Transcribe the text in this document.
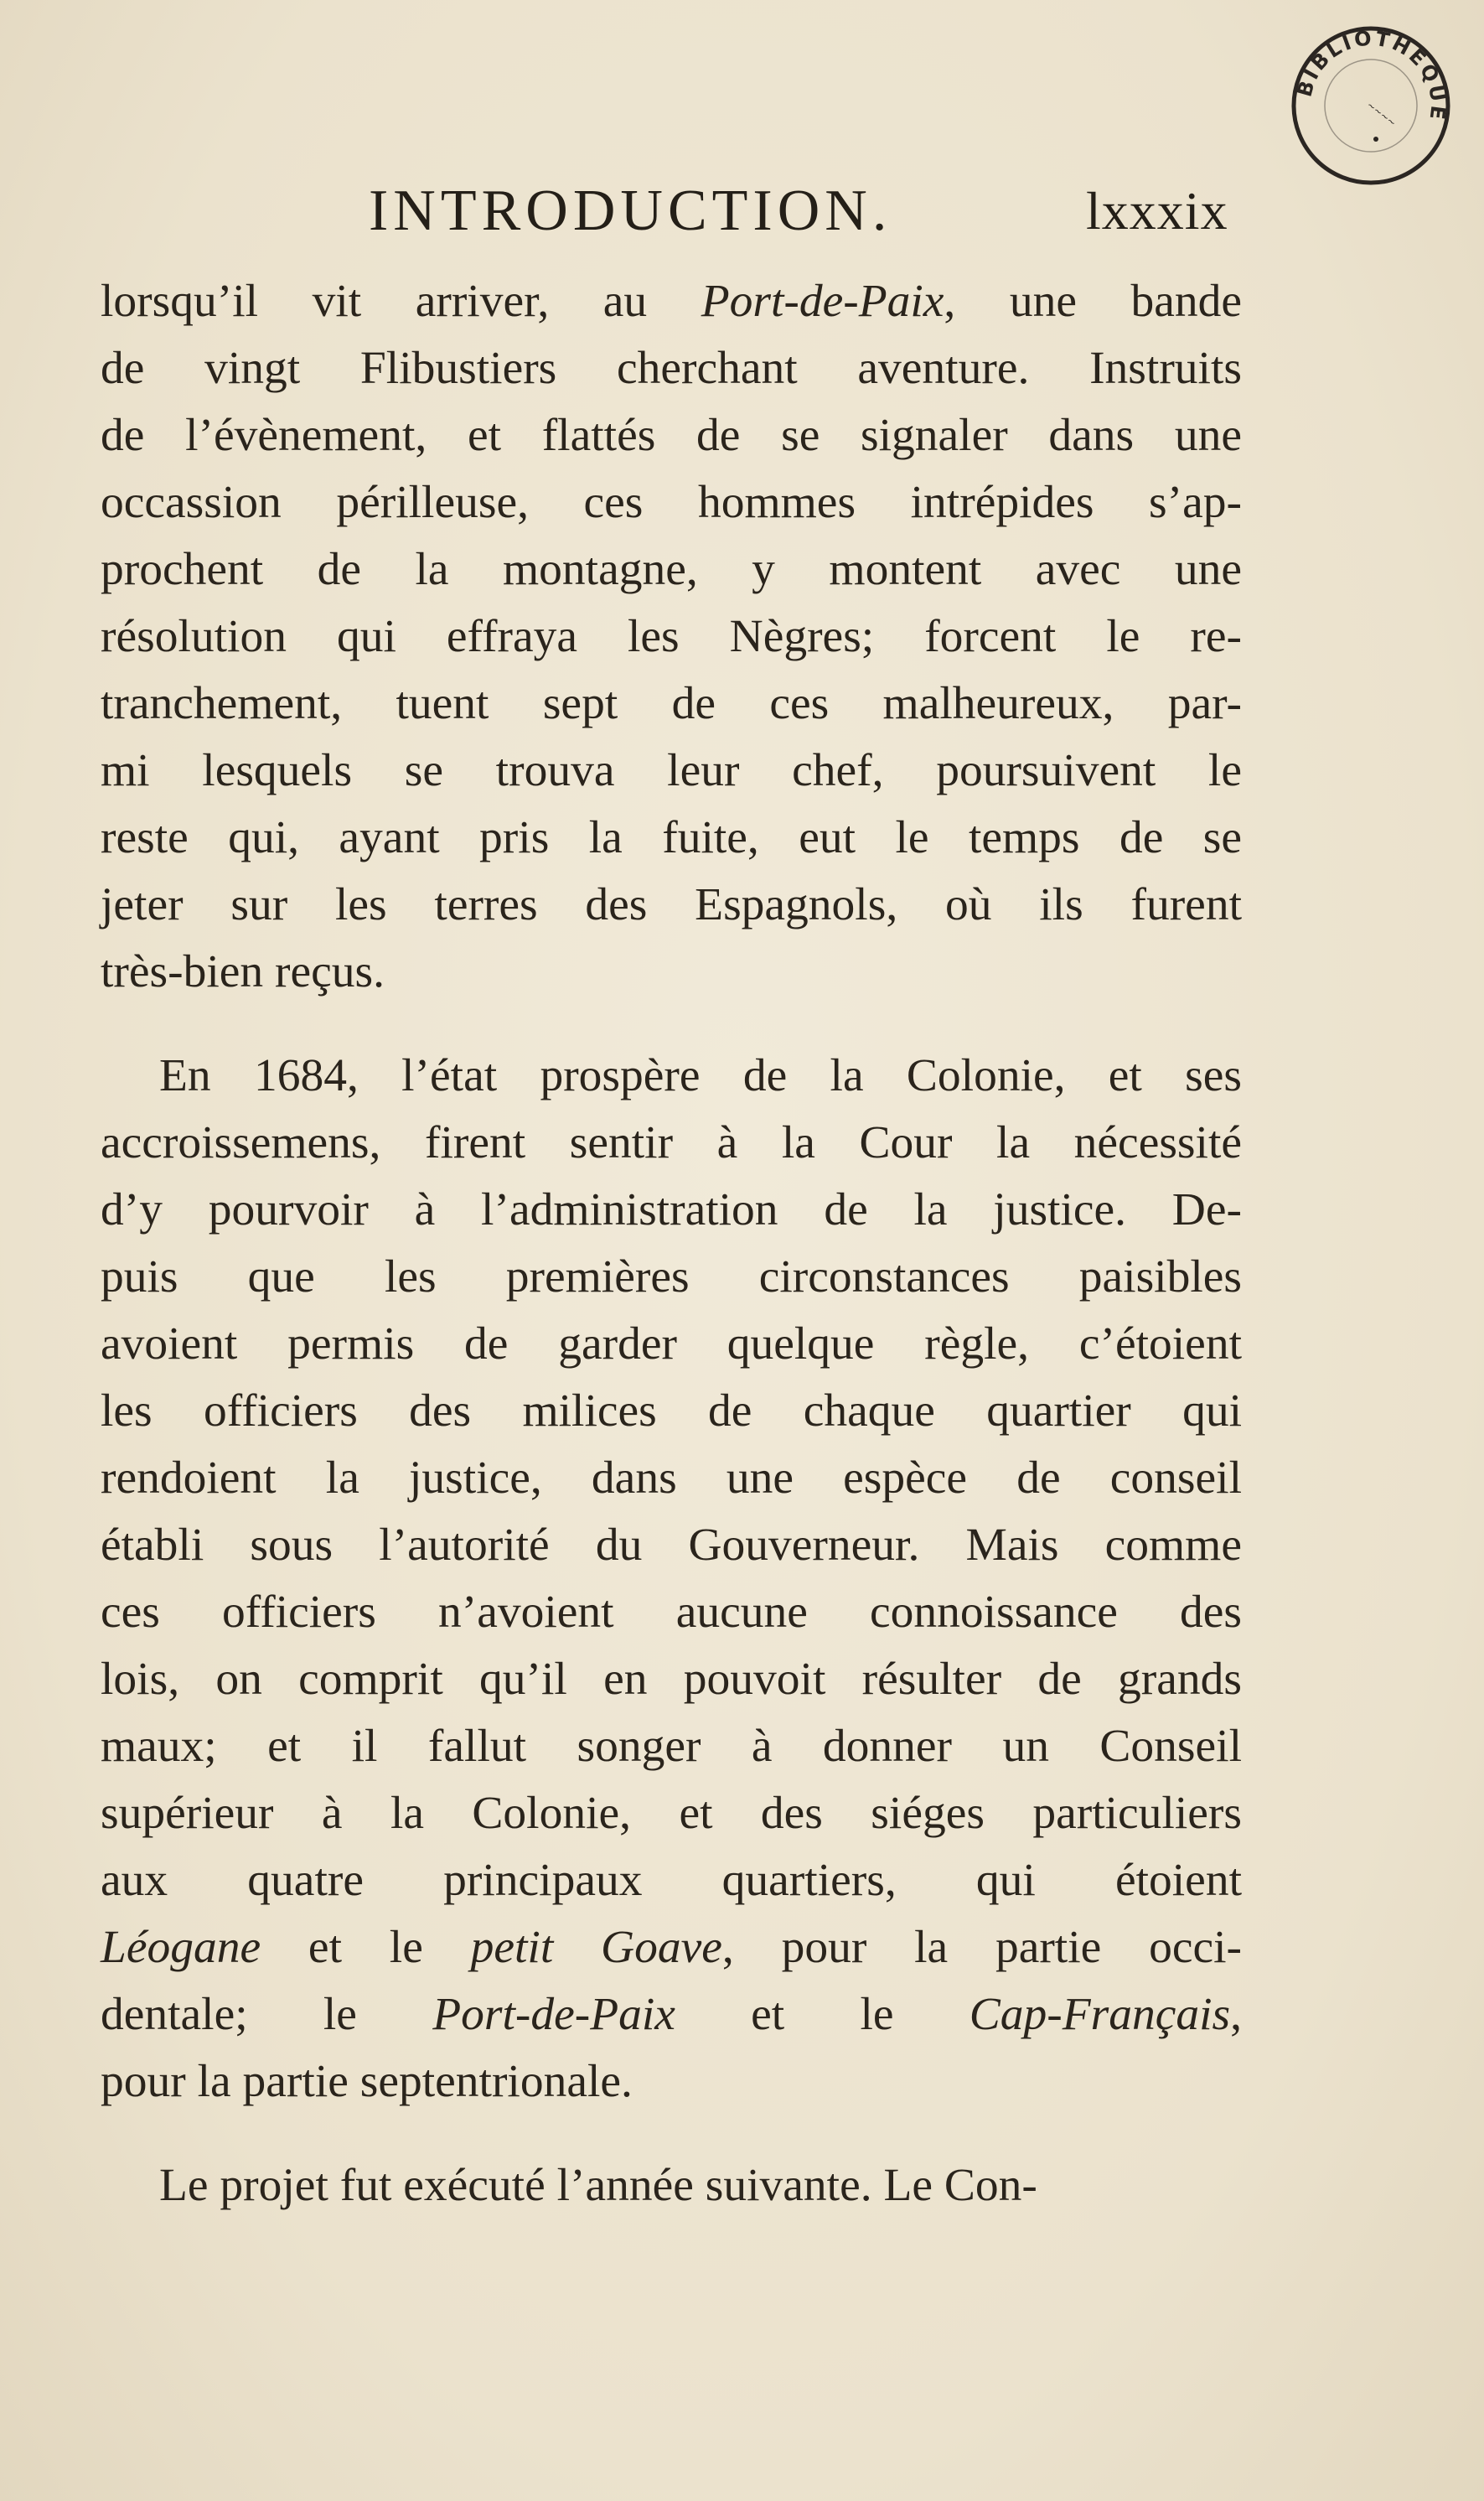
BIBLIOTHEQUE
~~~~
INTRODUCTION.	lxxxix
lorsqu’il vit arriver, au Port-de-Paix, une bande
de vingt Flibustiers cherchant aventure. Instruits
de l’évènement, et flattés de se signaler dans une
occassion périlleuse, ces hommes intrépides s’ap-
prochent de la montagne, y montent avec une
résolution qui effraya les Nègres; forcent le re-
tranchement, tuent sept de ces malheureux, par-
mi lesquels se trouva leur chef, poursuivent le
reste qui, ayant pris la fuite, eut le temps de se
jeter sur les terres des Espagnols, où ils furent
très-bien reçus.
En 1684, l’état prospère de la Colonie, et ses
accroissemens, firent sentir à la Cour la nécessité
d’y pourvoir à l’administration de la justice. De-
puis que les premières circonstances paisibles
avoient permis de garder quelque règle, c’étoient
les officiers des milices de chaque quartier qui
rendoient la justice, dans une espèce de conseil
établi sous l’autorité du Gouverneur. Mais comme
ces officiers n’avoient aucune connoissance des
lois, on comprit qu’il en pouvoit résulter de grands
maux; et il fallut songer à donner un Conseil
supérieur à la Colonie, et des siéges particuliers
aux quatre principaux quartiers, qui étoient
Léogane et le petit Goave, pour la partie occi-
dentale; le Port-de-Paix et le Cap-Français,
pour la partie septentrionale.
Le projet fut exécuté l’année suivante. Le Con-
